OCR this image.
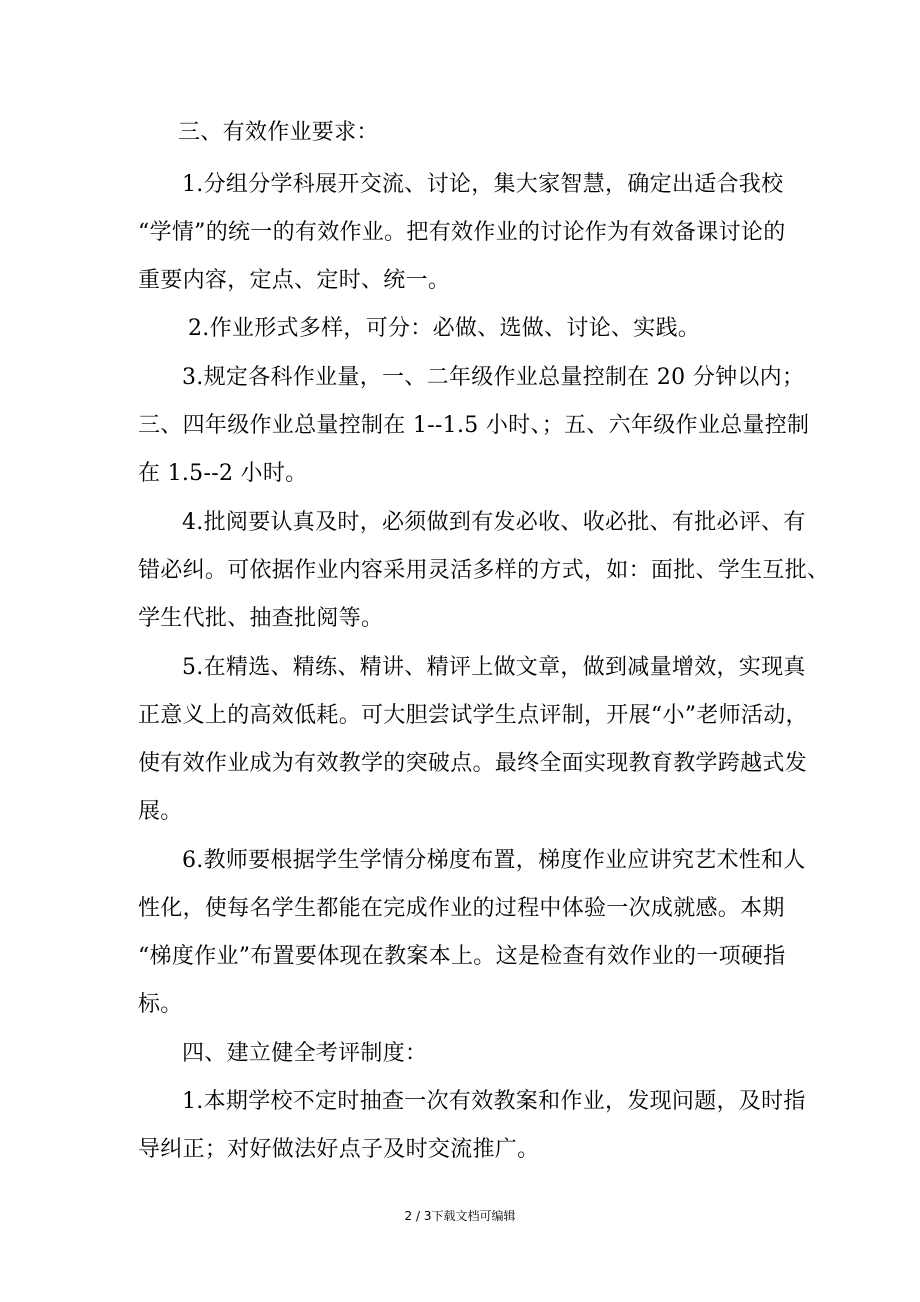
三、有效作业要求：
1.分组分学科展开交流、讨论，集大家智慧，确定出适合我校
“学情”的统一的有效作业。把有效作业的讨论作为有效备课讨论的
重要内容，定点、定时、统一。
2.作业形式多样，可分：必做、选做、讨论、实践。
3.规定各科作业量，一、二年级作业总量控制在 20 分钟以内；
三、四年级作业总量控制在 1--1.5 小时、；五、六年级作业总量控制
在 1.5--2 小时。
4.批阅要认真及时，必须做到有发必收、收必批、有批必评、有
错必纠。可依据作业内容采用灵活多样的方式，如：面批、学生互批、
学生代批、抽查批阅等。
5.在精选、精练、精讲、精评上做文章，做到减量增效，实现真
正意义上的高效低耗。可大胆尝试学生点评制，开展“小”老师活动，
使有效作业成为有效教学的突破点。最终全面实现教育教学跨越式发
展。
6.教师要根据学生学情分梯度布置，梯度作业应讲究艺术性和人
性化，使每名学生都能在完成作业的过程中体验一次成就感。本期
“梯度作业”布置要体现在教案本上。这是检查有效作业的一项硬指
标。
四、建立健全考评制度：
1.本期学校不定时抽查一次有效教案和作业，发现问题，及时指
导纠正；对好做法好点子及时交流推广。
2 / 3下载文档可编辑
